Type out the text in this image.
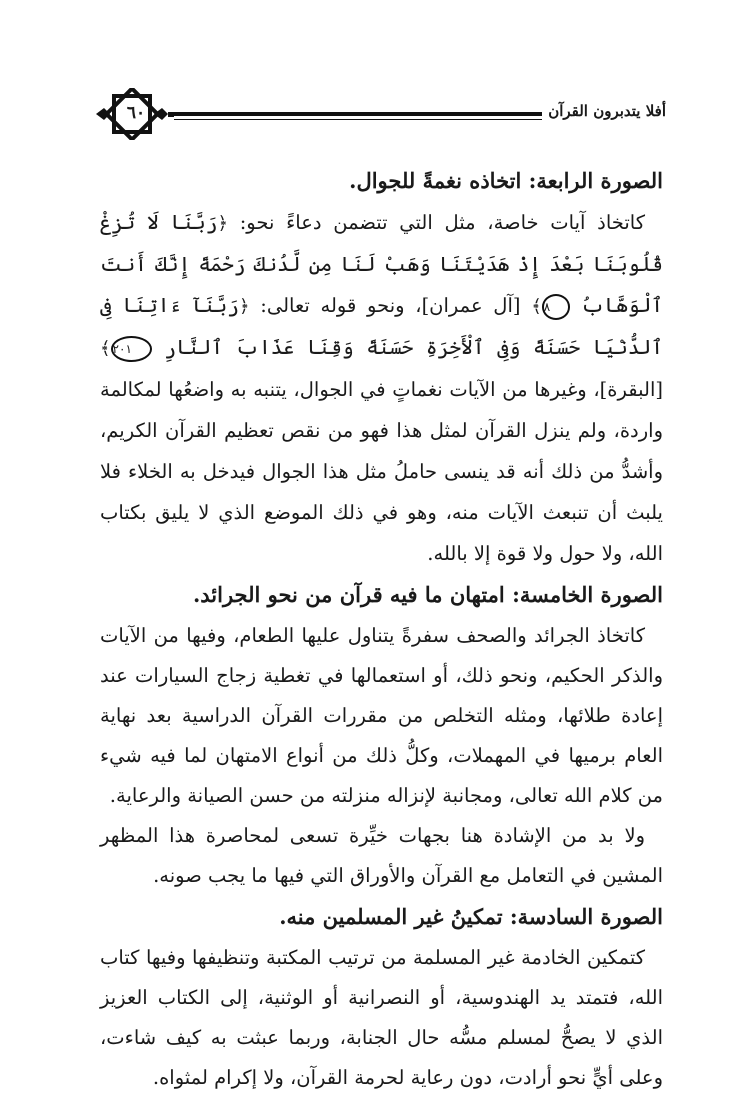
٦٠	أفلا يتدبرون القرآن
الصورة الرابعة: اتخاذه نغمةً للجوال.

كاتخاذ آيات خاصة، مثل التي تتضمن دعاءً نحو: ﴿رَبَّنَا لَا تُزِغْ قُلُوبَنَا بَعْدَ إِذْ هَدَيْتَنَا وَهَبْ لَنَا مِن لَّدُنكَ رَحْمَةً إِنَّكَ أَنتَ ٱلْوَهَّابُ ٨﴾ [آل عمران]، ونحو قوله تعالى: ﴿رَبَّنَآ ءَاتِنَا فِى ٱلدُّنْيَا حَسَنَةً وَفِى ٱلْأَخِرَةِ حَسَنَةً وَقِنَا عَذَابَ ٱلنَّارِ ٢٠١﴾ [البقرة]، وغيرها من الآيات نغماتٍ في الجوال، يتنبه به واضعُها لمكالمة واردة، ولم ينزل القرآن لمثل هذا فهو من نقص تعظيم القرآن الكريم، وأشدُّ من ذلك أنه قد ينسى حاملُ مثل هذا الجوال فيدخل به الخلاء فلا يلبث أن تنبعث الآيات منه، وهو في ذلك الموضع الذي لا يليق بكتاب الله، ولا حول ولا قوة إلا بالله.

الصورة الخامسة: امتهان ما فيه قرآن من نحو الجرائد.

كاتخاذ الجرائد والصحف سفرةً يتناول عليها الطعام، وفيها من الآيات والذكر الحكيم، ونحو ذلك، أو استعمالها في تغطية زجاج السيارات عند إعادة طلائها، ومثله التخلص من مقررات القرآن الدراسية بعد نهاية العام برميها في المهملات، وكلُّ ذلك من أنواع الامتهان لما فيه شيء من كلام الله تعالى، ومجانبة لإنزاله منزلته من حسن الصيانة والرعاية.

ولا بد من الإشادة هنا بجهات خيِّرة تسعى لمحاصرة هذا المظهر المشين في التعامل مع القرآن والأوراق التي فيها ما يجب صونه.

الصورة السادسة: تمكينُ غير المسلمين منه.

كتمكين الخادمة غير المسلمة من ترتيب المكتبة وتنظيفها وفيها كتاب الله، فتمتد يد الهندوسية، أو النصرانية أو الوثنية، إلى الكتاب العزيز الذي لا يصحُّ لمسلم مسُّه حال الجنابة، وربما عبثت به كيف شاءت، وعلى أيٍّ نحو أرادت، دون رعاية لحرمة القرآن، ولا إكرام لمثواه.
